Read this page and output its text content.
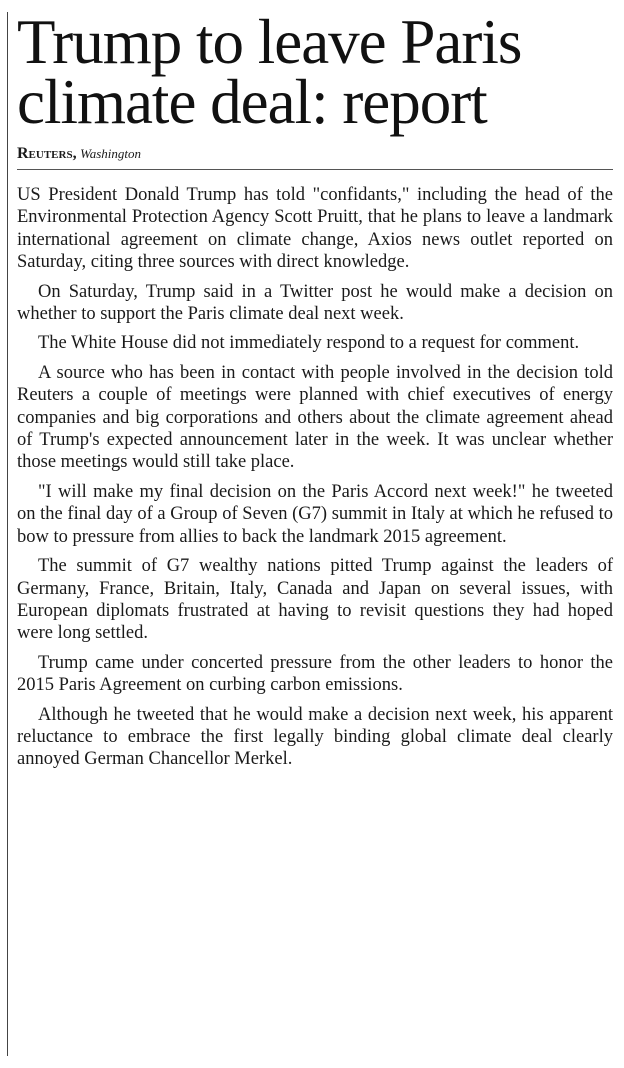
Trump to leave Paris
climate deal: report
Reuters, Washington

US President Donald Trump has told "confidants," including the head of the Environmental Protection Agency Scott Pruitt, that he plans to leave a landmark international agreement on climate change, Axios news outlet reported on Saturday, citing three sources with direct knowledge.

On Saturday, Trump said in a Twitter post he would make a decision on whether to support the Paris climate deal next week.

The White House did not immediately respond to a request for comment.

A source who has been in contact with people involved in the decision told Reuters a couple of meetings were planned with chief executives of energy companies and big corporations and others about the climate agreement ahead of Trump's expected announcement later in the week. It was unclear whether those meetings would still take place.

"I will make my final decision on the Paris Accord next week!" he tweeted on the final day of a Group of Seven (G7) summit in Italy at which he refused to bow to pressure from allies to back the landmark 2015 agreement.

The summit of G7 wealthy nations pitted Trump against the leaders of Germany, France, Britain, Italy, Canada and Japan on several issues, with European diplomats frustrated at having to revisit questions they had hoped were long settled.

Trump came under concerted pressure from the other leaders to honor the 2015 Paris Agreement on curbing carbon emissions.

Although he tweeted that he would make a decision next week, his apparent reluctance to embrace the first legally binding global climate deal clearly annoyed German Chancellor Merkel.
